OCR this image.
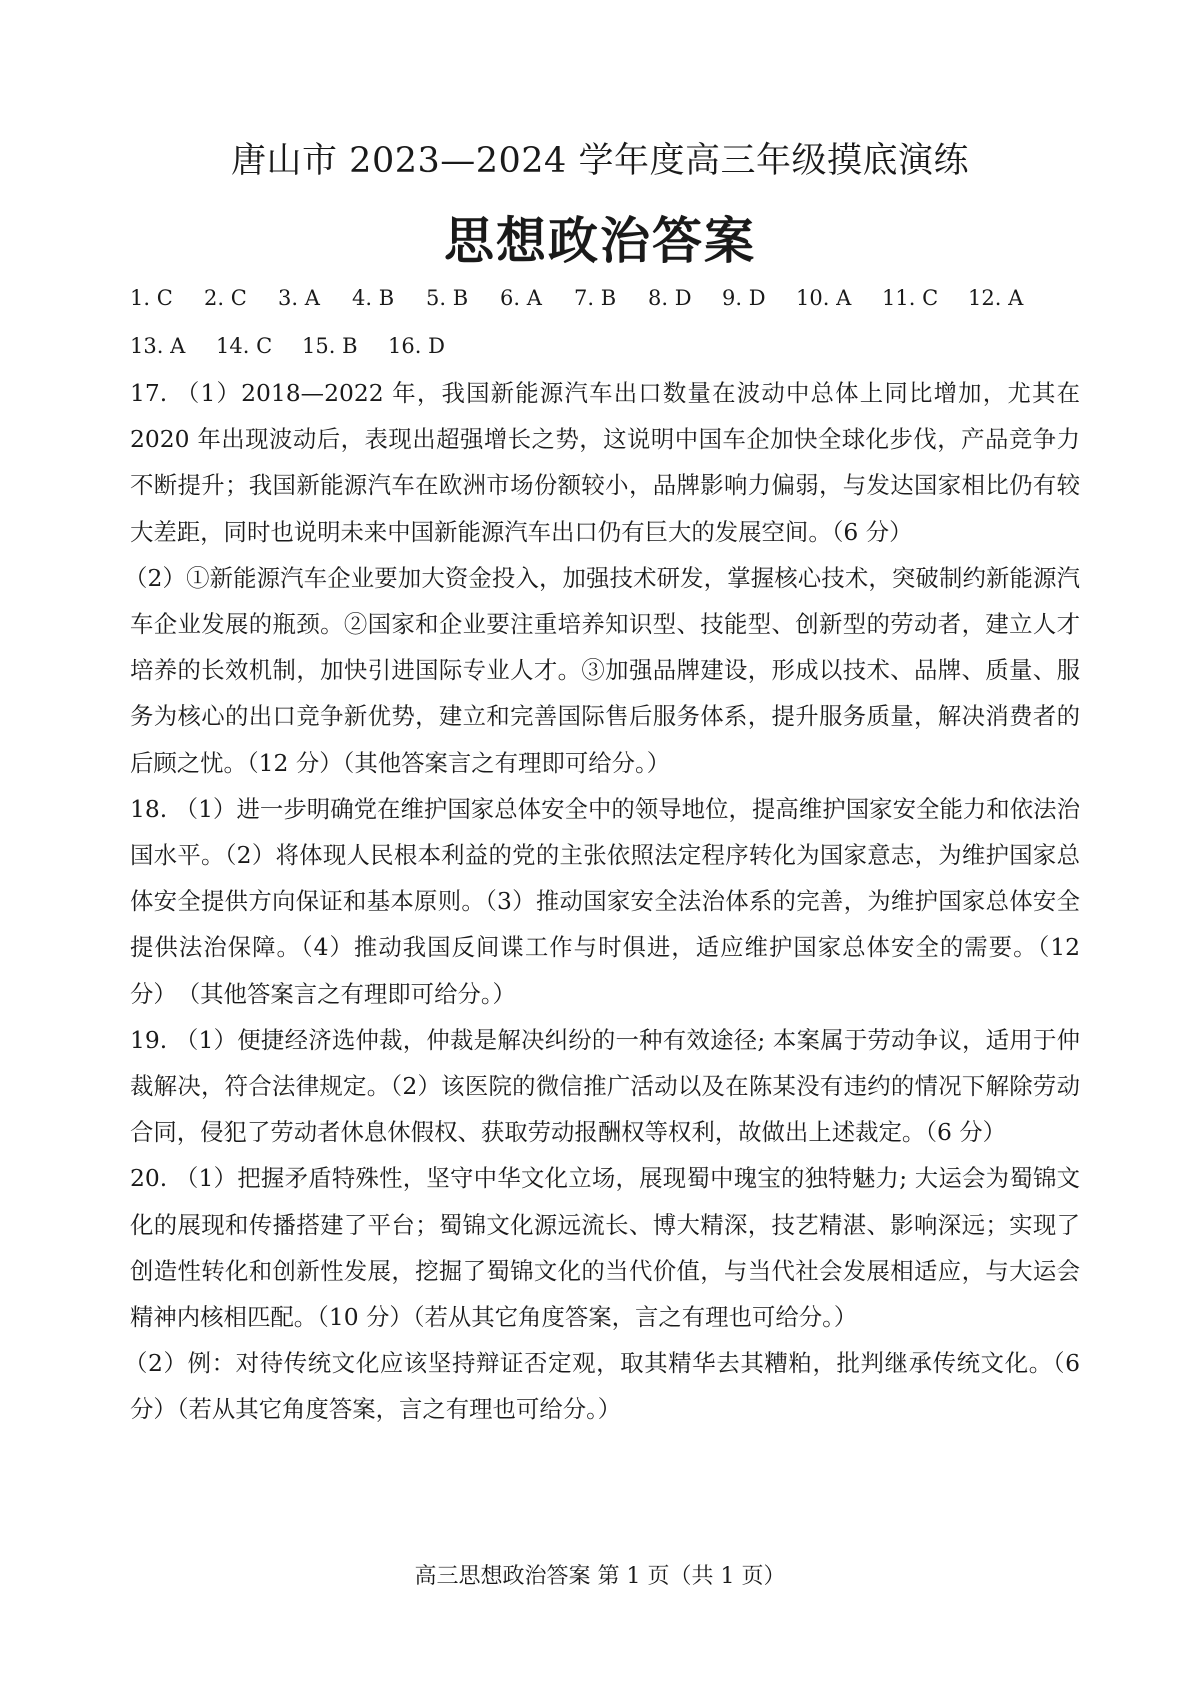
唐山市 2023—2024 学年度高三年级摸底演练
思想政治答案
1. C	2. C	3. A	4. B	5. B	6. A	7. B	8. D	9. D	10. A	11. C	12. A
13. A	14. C	15. B	16. D

17. （1）2018—2022 年，我国新能源汽车出口数量在波动中总体上同比增加，尤其在 2020 年出现波动后，表现出超强增长之势，这说明中国车企加快全球化步伐，产品竞争力不断提升；我国新能源汽车在欧洲市场份额较小，品牌影响力偏弱，与发达国家相比仍有较大差距，同时也说明未来中国新能源汽车出口仍有巨大的发展空间。（6 分）

（2）①新能源汽车企业要加大资金投入，加强技术研发，掌握核心技术，突破制约新能源汽车企业发展的瓶颈。②国家和企业要注重培养知识型、技能型、创新型的劳动者，建立人才培养的长效机制，加快引进国际专业人才。③加强品牌建设，形成以技术、品牌、质量、服务为核心的出口竞争新优势，建立和完善国际售后服务体系，提升服务质量，解决消费者的后顾之忧。（12 分）（其他答案言之有理即可给分。）

18. （1）进一步明确党在维护国家总体安全中的领导地位，提高维护国家安全能力和依法治国水平。（2）将体现人民根本利益的党的主张依照法定程序转化为国家意志，为维护国家总体安全提供方向保证和基本原则。（3）推动国家安全法治体系的完善，为维护国家总体安全提供法治保障。（4）推动我国反间谍工作与时俱进，适应维护国家总体安全的需要。（12 分）　（其他答案言之有理即可给分。）

19. （1）便捷经济选仲裁，仲裁是解决纠纷的一种有效途径; 本案属于劳动争议，适用于仲裁解决，符合法律规定。（2）该医院的微信推广活动以及在陈某没有违约的情况下解除劳动合同，侵犯了劳动者休息休假权、获取劳动报酬权等权利，故做出上述裁定。（6 分）

20. （1）把握矛盾特殊性，坚守中华文化立场，展现蜀中瑰宝的独特魅力; 大运会为蜀锦文化的展现和传播搭建了平台；蜀锦文化源远流长、博大精深，技艺精湛、影响深远；实现了创造性转化和创新性发展，挖掘了蜀锦文化的当代价值，与当代社会发展相适应，与大运会精神内核相匹配。（10 分）（若从其它角度答案，言之有理也可给分。）

（2）例：对待传统文化应该坚持辩证否定观，取其精华去其糟粕，批判继承传统文化。（6 分）（若从其它角度答案，言之有理也可给分。）

高三思想政治答案 第 1 页（共 1 页）
